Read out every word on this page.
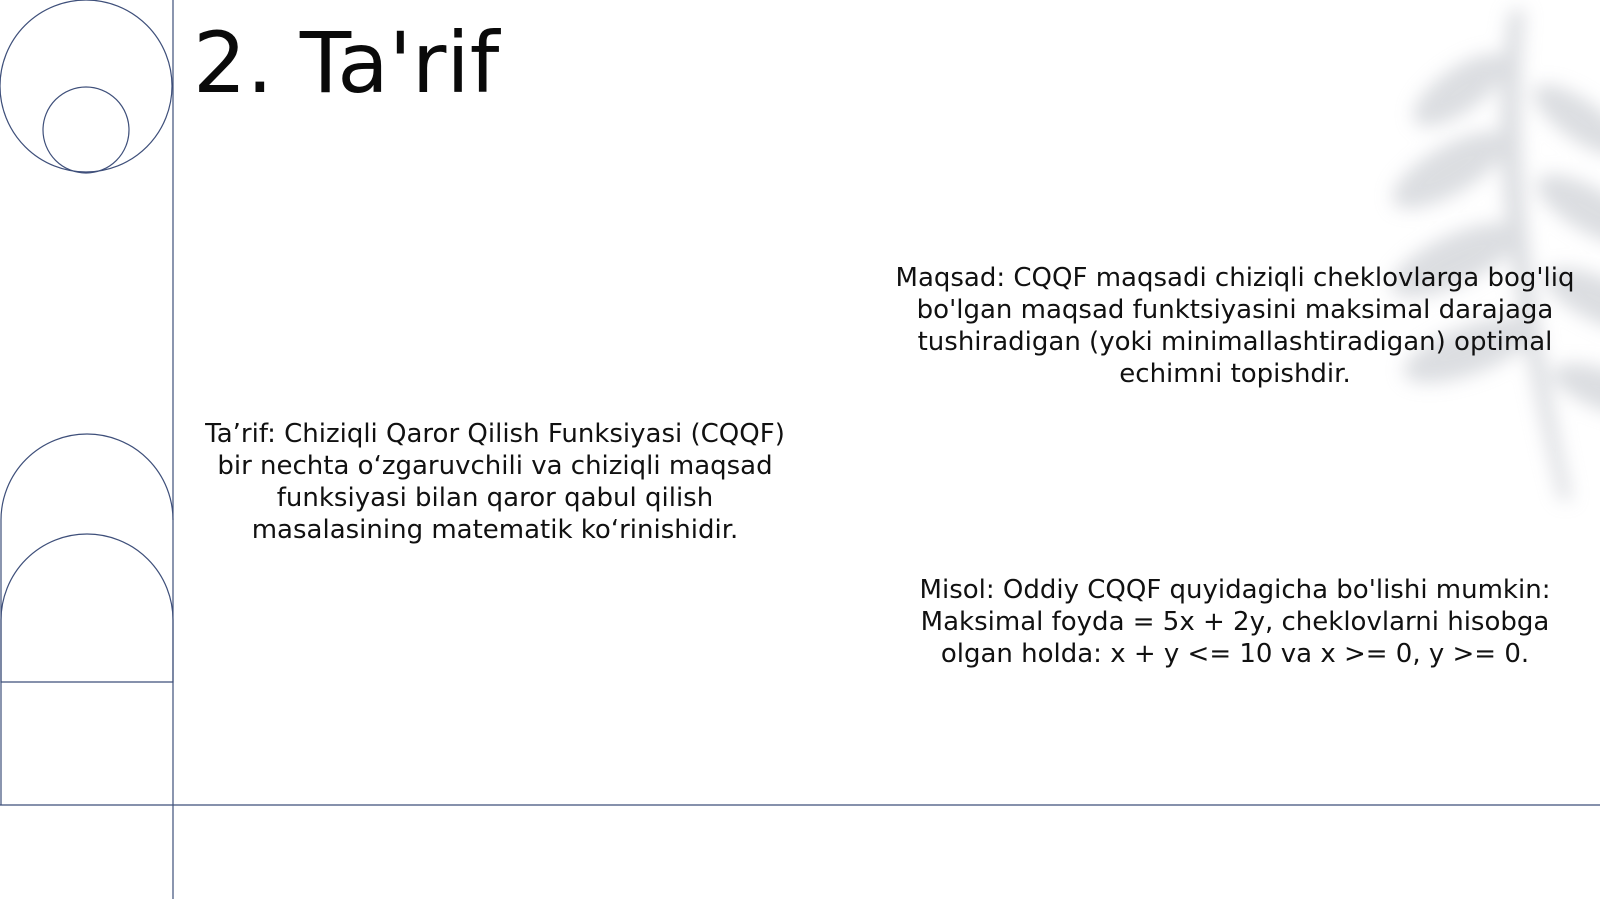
2. Ta'rif

Ta’rif: Chiziqli Qaror Qilish Funksiyasi (CQQF) bir nechta o‘zgaruvchili va chiziqli maqsad funksiyasi bilan qaror qabul qilish masalasining matematik ko‘rinishidir.

Maqsad: CQQF maqsadi chiziqli cheklovlarga bog'liq bo'lgan maqsad funktsiyasini maksimal darajaga tushiradigan (yoki minimallashtiradigan) optimal echimni topishdir.

Misol: Oddiy CQQF quyidagicha bo'lishi mumkin: Maksimal foyda = 5x + 2y, cheklovlarni hisobga olgan holda: x + y <= 10 va x >= 0, y >= 0.
